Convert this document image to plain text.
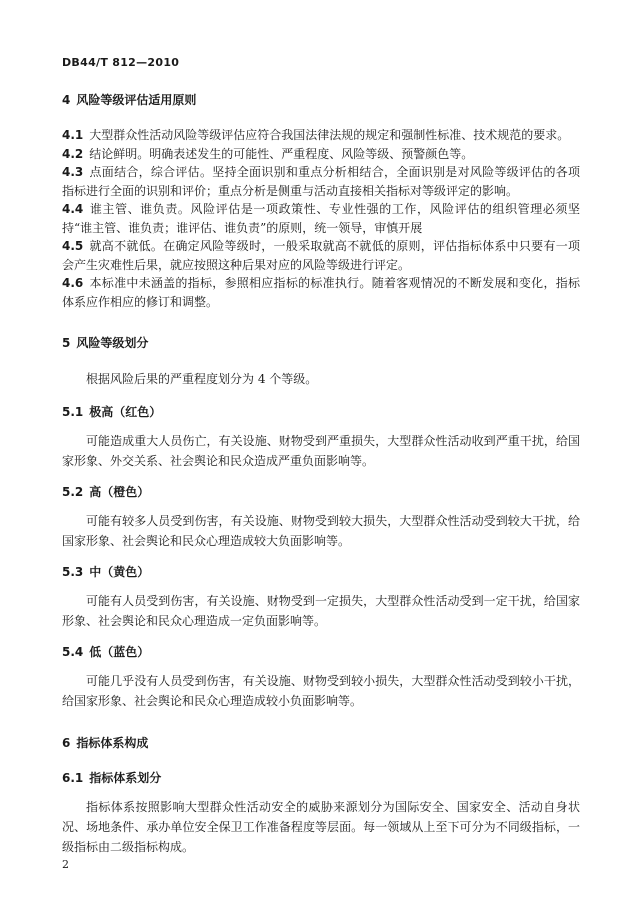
DB44/T 812—2010
4 风险等级评估适用原则

4.1 大型群众性活动风险等级评估应符合我国法律法规的规定和强制性标准、技术规范的要求。

4.2 结论鲜明。明确表述发生的可能性、严重程度、风险等级、预警颜色等。

4.3 点面结合，综合评估。坚持全面识别和重点分析相结合，全面识别是对风险等级评估的各项指标进行全面的识别和评价；重点分析是侧重与活动直接相关指标对等级评定的影响。

4.4 谁主管、谁负责。风险评估是一项政策性、专业性强的工作，风险评估的组织管理必须坚持“谁主管、谁负责；谁评估、谁负责”的原则，统一领导，审慎开展

4.5 就高不就低。在确定风险等级时，一般采取就高不就低的原则，评估指标体系中只要有一项会产生灾难性后果，就应按照这种后果对应的风险等级进行评定。

4.6 本标准中未涵盖的指标，参照相应指标的标准执行。随着客观情况的不断发展和变化，指标体系应作相应的修订和调整。

5 风险等级划分

根据风险后果的严重程度划分为 4 个等级。

5.1 极高（红色）

可能造成重大人员伤亡，有关设施、财物受到严重损失，大型群众性活动收到严重干扰，给国家形象、外交关系、社会舆论和民众造成严重负面影响等。

5.2 高（橙色）

可能有较多人员受到伤害，有关设施、财物受到较大损失，大型群众性活动受到较大干扰，给国家形象、社会舆论和民众心理造成较大负面影响等。

5.3 中（黄色）

可能有人员受到伤害，有关设施、财物受到一定损失，大型群众性活动受到一定干扰，给国家形象、社会舆论和民众心理造成一定负面影响等。

5.4 低（蓝色）

可能几乎没有人员受到伤害，有关设施、财物受到较小损失，大型群众性活动受到较小干扰，给国家形象、社会舆论和民众心理造成较小负面影响等。

6 指标体系构成
6.1 指标体系划分

指标体系按照影响大型群众性活动安全的威胁来源划分为国际安全、国家安全、活动自身状况、场地条件、承办单位安全保卫工作准备程度等层面。每一领域从上至下可分为不同级指标，一级指标由二级指标构成。

2
